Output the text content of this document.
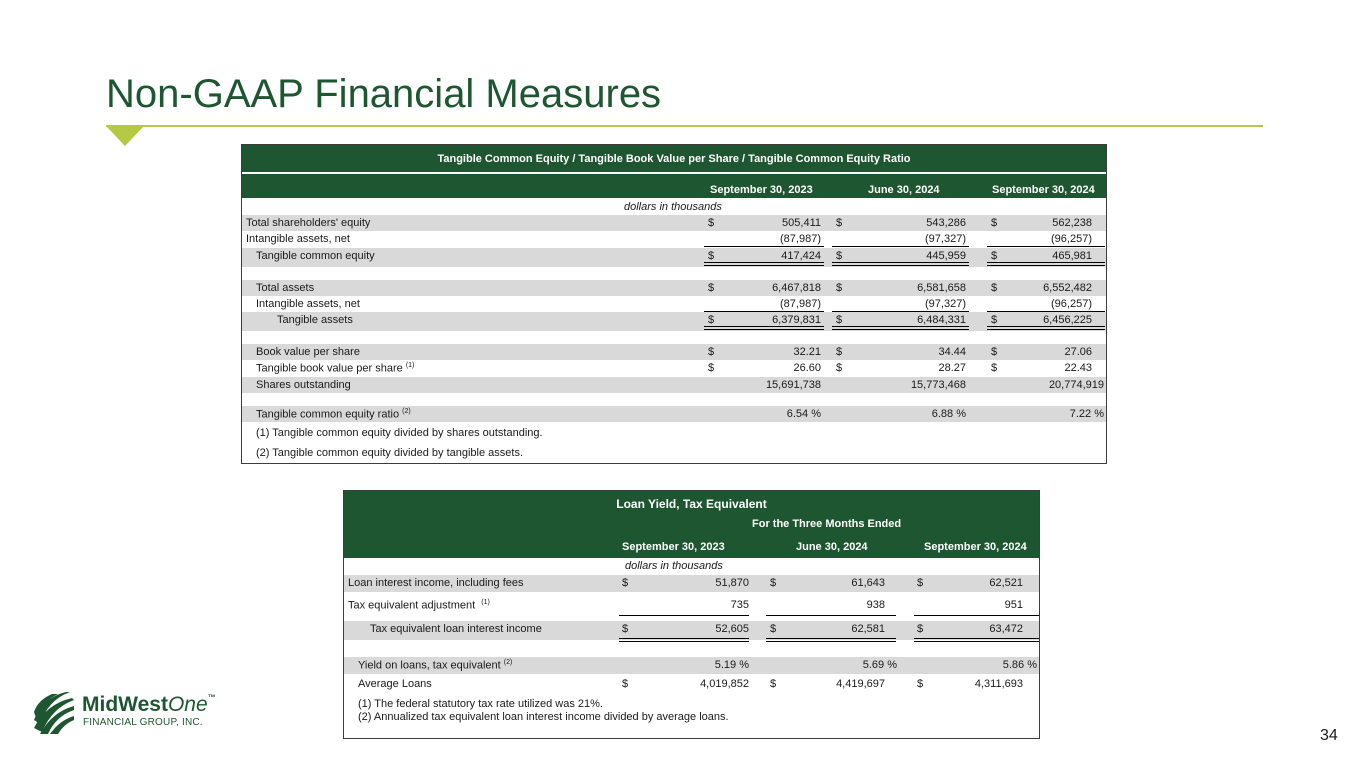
Non-GAAP Financial Measures
Tangible Common Equity / Tangible Book Value per Share / Tangible Common Equity Ratio
September 30, 2023	June 30, 2024	September 30, 2024
dollars in thousands
Total shareholders' equity	$	505,411 $	543,286 $	562,238
Intangible assets, net	(87,987)	(97,327)	(96,257)
Tangible common equity	$	417,424 $	445,959 $	465,981
Total assets	$	6,467,818 $	6,581,658 $	6,552,482
Intangible assets, net	(87,987)	(97,327)	(96,257)
Tangible assets	$	6,379,831 $	6,484,331 $	6,456,225
Book value per share	$	32.21 $	34.44 $	27.06
Tangible book value per share $^{(1)}$	$	26.60 $	28.27 $	22.43
Shares outstanding	15,691,738	15,773,468	20,774,919
Tangible common equity ratio $^{(2)}$	6.54 %	6.88 %	7.22 %
(1) Tangible common equity divided by shares outstanding.
(2) Tangible common equity divided by tangible assets.
Loan Yield, Tax Equivalent
For the Three Months Ended
September 30, 2023	June 30, 2024	September 30, 2024
dollars in thousands
Loan interest income, including fees	$	51,870 $	61,643	$	62,521
Tax equivalent adjustment $^{(1)}$	735	938	951
Tax equivalent loan interest income	$	52,605 $	62,581	$	63,472
Yield on loans, tax equivalent $^{(2)}$	5.19 %	5.69 %	5.86 %
Average Loans	$	4,019,852 $	4,419,697	$	4,311,693
(1) The federal statutory tax rate utilized was 21%.
(2) Annualized tax equivalent loan interest income divided by average loans.
MidWestOne™
FINANCIAL GROUP, INC.
34
